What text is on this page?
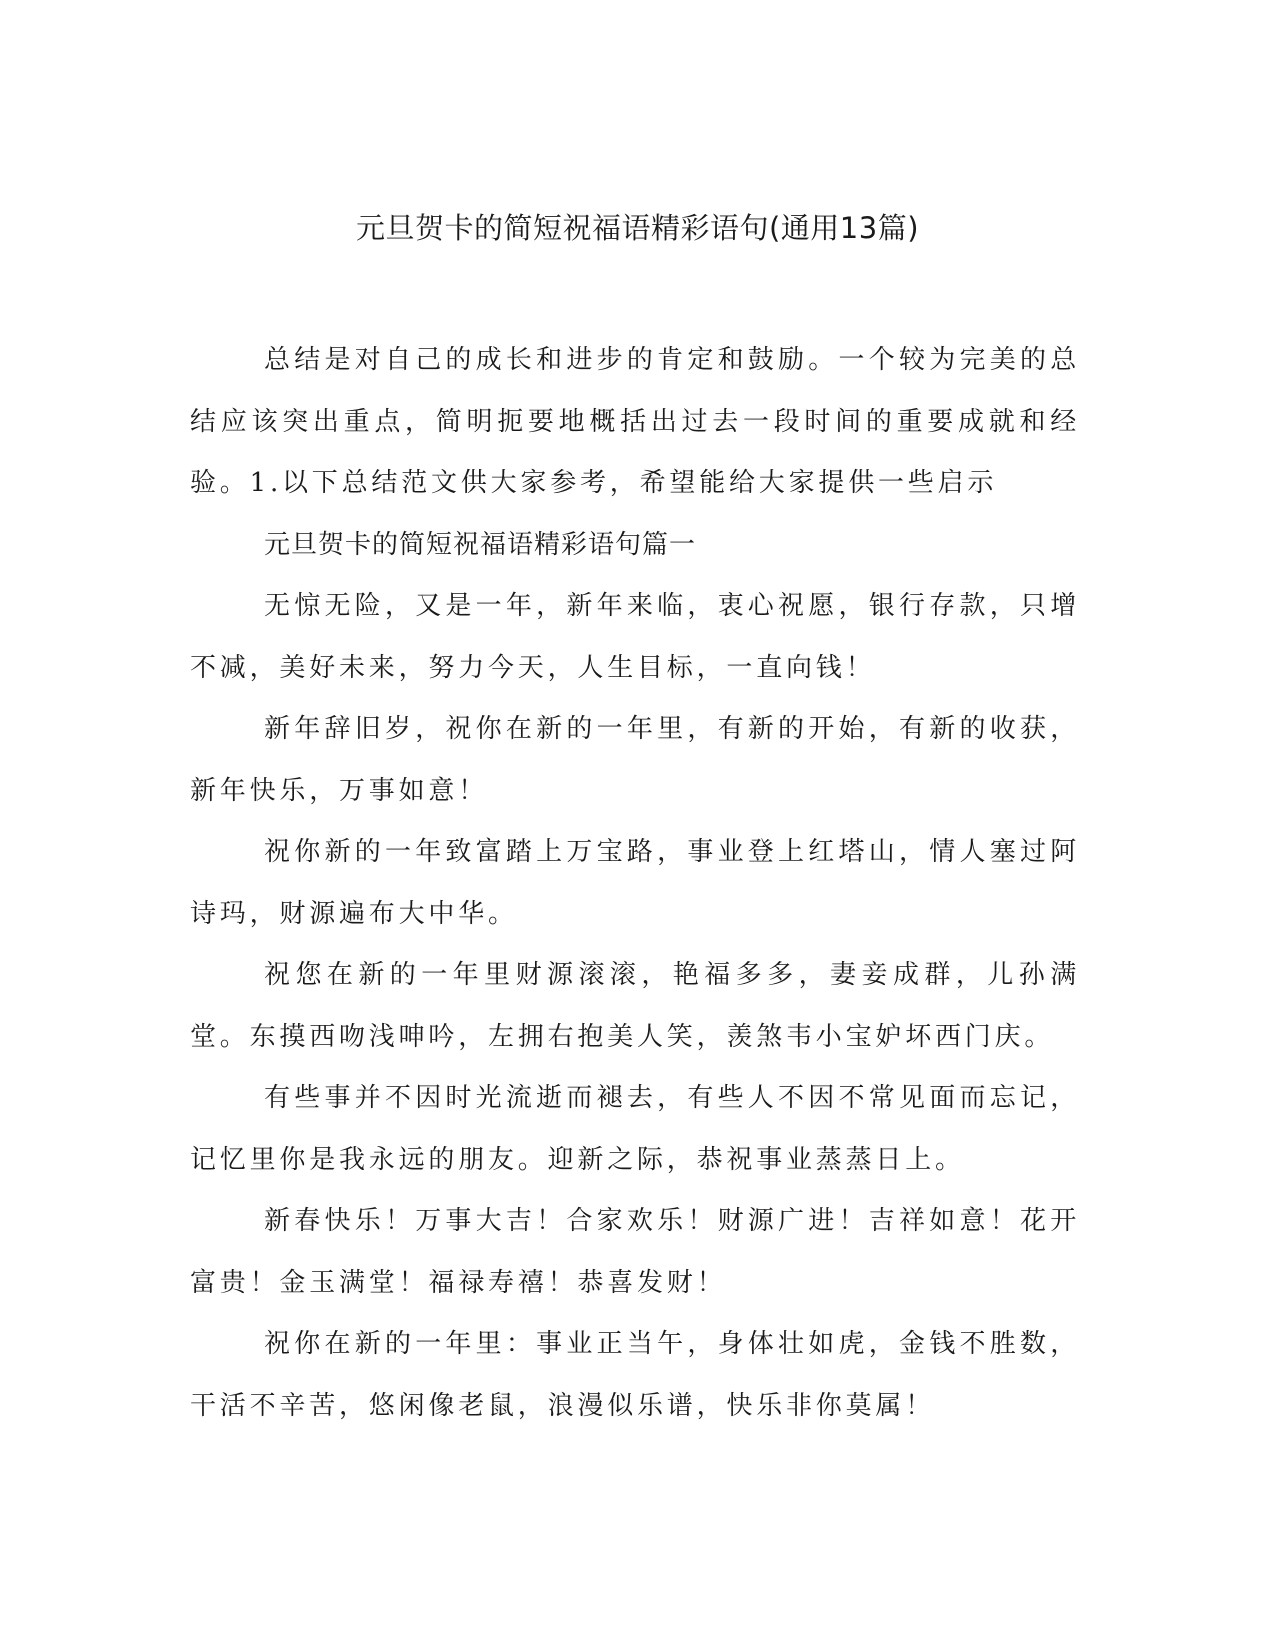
元旦贺卡的简短祝福语精彩语句(通用13篇)

总结是对自己的成长和进步的肯定和鼓励。一个较为完美的总结应该突出重点，简明扼要地概括出过去一段时间的重要成就和经验。1.以下总结范文供大家参考，希望能给大家提供一些启示

元旦贺卡的简短祝福语精彩语句篇一

无惊无险，又是一年，新年来临，衷心祝愿，银行存款，只增不减，美好未来，努力今天，人生目标，一直向钱！

新年辞旧岁，祝你在新的一年里，有新的开始，有新的收获，新年快乐，万事如意！

祝你新的一年致富踏上万宝路，事业登上红塔山，情人塞过阿诗玛，财源遍布大中华。

祝您在新的一年里财源滚滚，艳福多多，妻妾成群，儿孙满堂。东摸西吻浅呻吟，左拥右抱美人笑，羡煞韦小宝妒坏西门庆。

有些事并不因时光流逝而褪去，有些人不因不常见面而忘记，记忆里你是我永远的朋友。迎新之际，恭祝事业蒸蒸日上。

新春快乐！万事大吉！合家欢乐！财源广进！吉祥如意！花开富贵！金玉满堂！福禄寿禧！恭喜发财！

祝你在新的一年里：事业正当午，身体壮如虎，金钱不胜数，干活不辛苦，悠闲像老鼠，浪漫似乐谱，快乐非你莫属！
